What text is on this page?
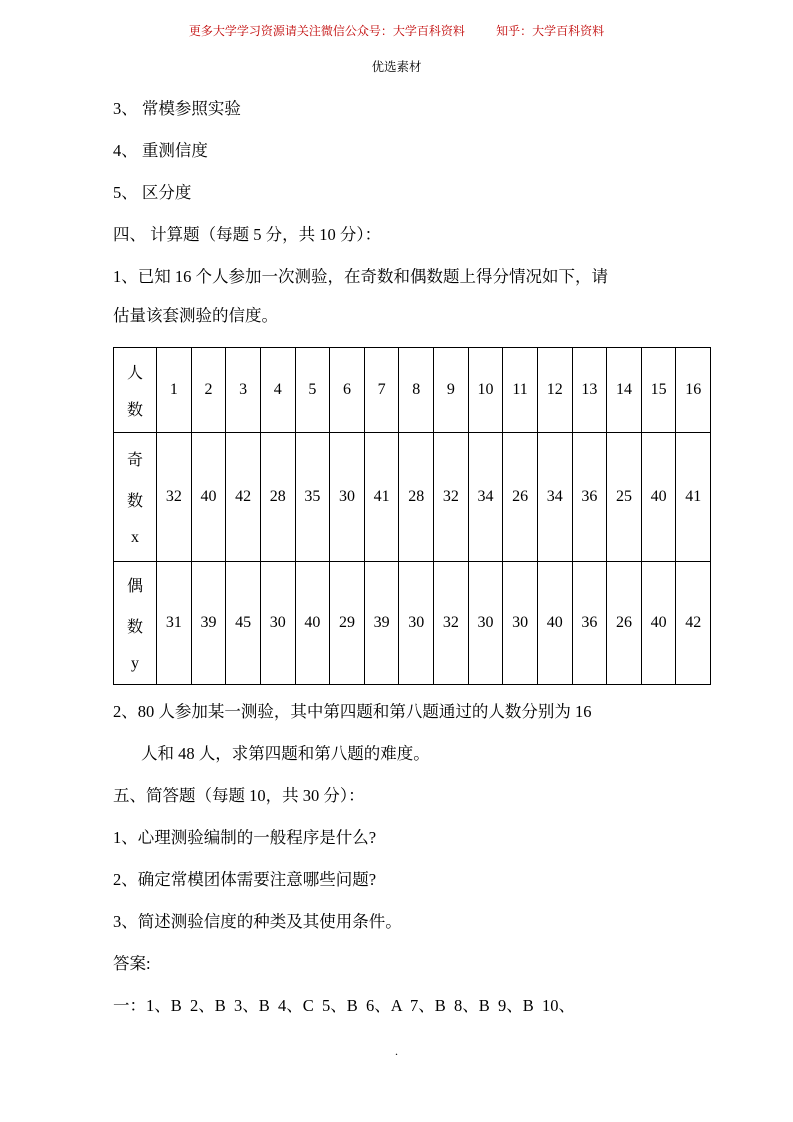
更多大学学习资源请关注微信公众号：大学百科资料	知乎：大学百科资料
优选素材

3、 常模参照实验

4、 重测信度

5、 区分度

四、 计算题（每题 5 分，共 10 分）：

1、已知 16 个人参加一次测验，在奇数和偶数题上得分情况如下，请

估量该套测验的信度。

人
数	1	2	3	4	5	6	7	8	9	10	11	12	13	14	15	16

奇
数
x	32	40	42	28	35	30	41	28	32	34	26	34	36	25	40	41

偶
数
y	31	39	45	30	40	29	39	30	32	30	30	40	36	26	40	42

2、80 人参加某一测验，其中第四题和第八题通过的人数分别为 16

人和 48 人，求第四题和第八题的难度。

五、简答题（每题 10，共 30 分）：

1、心理测验编制的一般程序是什么?

2、确定常模团体需要注意哪些问题?

3、简述测验信度的种类及其使用条件。

答案:

一：1、B  2、B  3、B  4、C  5、B  6、A  7、B  8、B  9、B  10、

.
